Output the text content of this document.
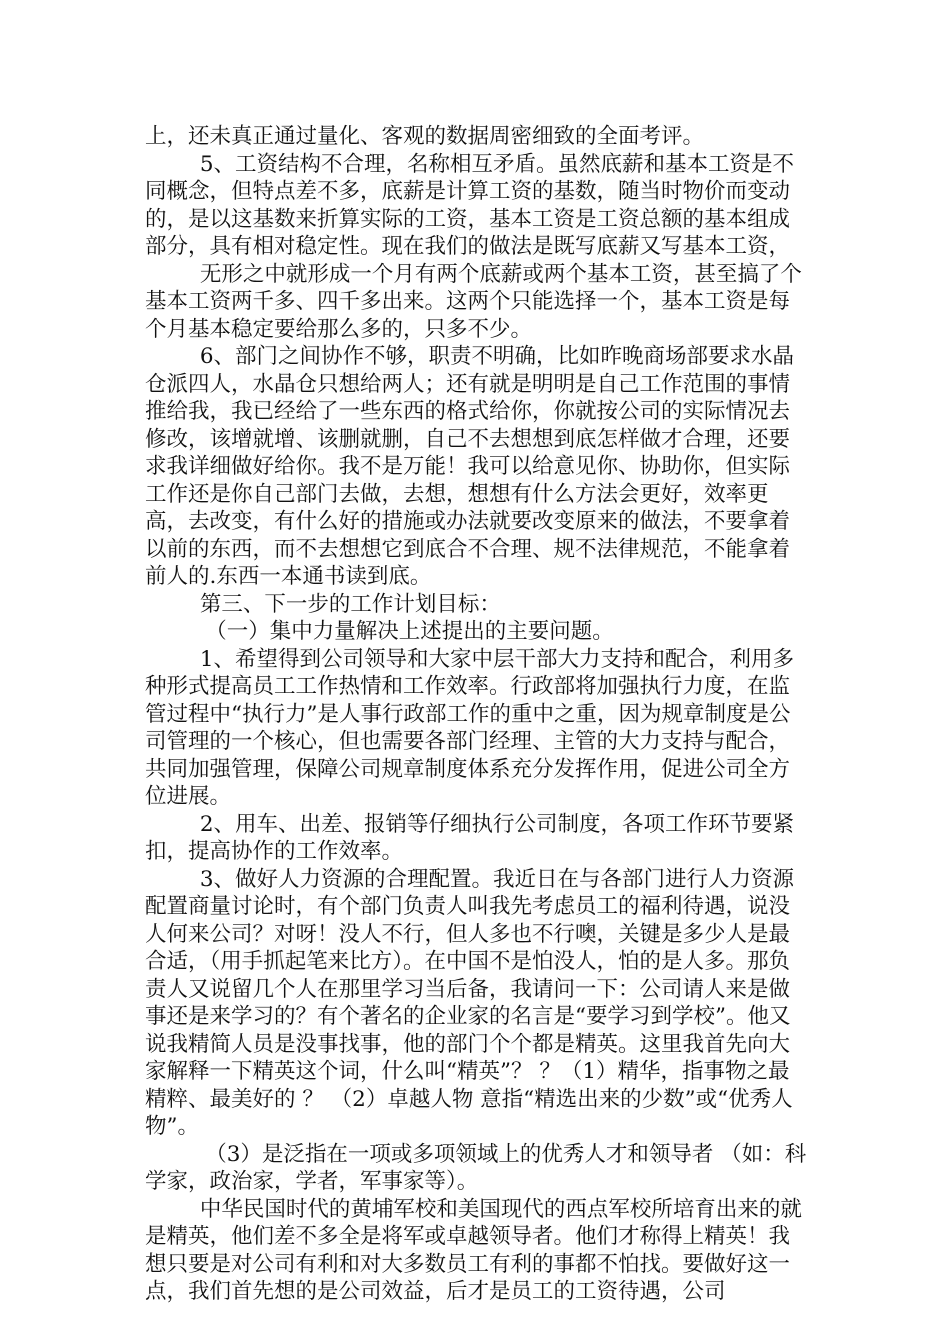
上，还未真正通过量化、客观的数据周密细致的全面考评。

5、工资结构不合理，名称相互矛盾。虽然底薪和基本工资是不同概念，但特点差不多，底薪是计算工资的基数，随当时物价而变动的，是以这基数来折算实际的工资，基本工资是工资总额的基本组成部分，具有相对稳定性。现在我们的做法是既写底薪又写基本工资，

无形之中就形成一个月有两个底薪或两个基本工资，甚至搞了个基本工资两千多、四千多出来。这两个只能选择一个，基本工资是每个月基本稳定要给那么多的，只多不少。

6、部门之间协作不够，职责不明确，比如昨晚商场部要求水晶仓派四人，水晶仓只想给两人；还有就是明明是自己工作范围的事情推给我，我已经给了一些东西的格式给你，你就按公司的实际情况去修改，该增就增、该删就删，自己不去想想到底怎样做才合理，还要求我详细做好给你。我不是万能！我可以给意见你、协助你，但实际工作还是你自己部门去做，去想，想想有什么方法会更好，效率更高，去改变，有什么好的措施或办法就要改变原来的做法，不要拿着以前的东西，而不去想想它到底合不合理、规不法律规范，不能拿着前人的.东西一本通书读到底。

第三、下一步的工作计划目标：

（一）集中力量解决上述提出的主要问题。

1、希望得到公司领导和大家中层干部大力支持和配合，利用多种形式提高员工工作热情和工作效率。行政部将加强执行力度，在监管过程中“执行力”是人事行政部工作的重中之重，因为规章制度是公司管理的一个核心，但也需要各部门经理、主管的大力支持与配合，共同加强管理，保障公司规章制度体系充分发挥作用，促进公司全方位进展。

2、用车、出差、报销等仔细执行公司制度，各项工作环节要紧扣，提高协作的工作效率。

3、做好人力资源的合理配置。我近日在与各部门进行人力资源配置商量讨论时，有个部门负责人叫我先考虑员工的福利待遇，说没人何来公司？对呀！没人不行，但人多也不行噢，关键是多少人是最合适，（用手抓起笔来比方）。在中国不是怕没人，怕的是人多。那负责人又说留几个人在那里学习当后备，我请问一下：公司请人来是做事还是来学习的？有个著名的企业家的名言是“要学习到学校”。他又说我精简人员是没事找事，他的部门个个都是精英。这里我首先向大家解释一下精英这个词，什么叫“精英”？ ？（1）精华，指事物之最精粹、最美好的 ？ （2）卓越人物 意指“精选出来的少数”或“优秀人物”。

（3）是泛指在一项或多项领域上的优秀人才和领导者 （如：科学家，政治家，学者，军事家等）。

中华民国时代的黄埔军校和美国现代的西点军校所培育出来的就是精英，他们差不多全是将军或卓越领导者。他们才称得上精英！我想只要是对公司有利和对大多数员工有利的事都不怕找。要做好这一点，我们首先想的是公司效益，后才是员工的工资待遇，公司
